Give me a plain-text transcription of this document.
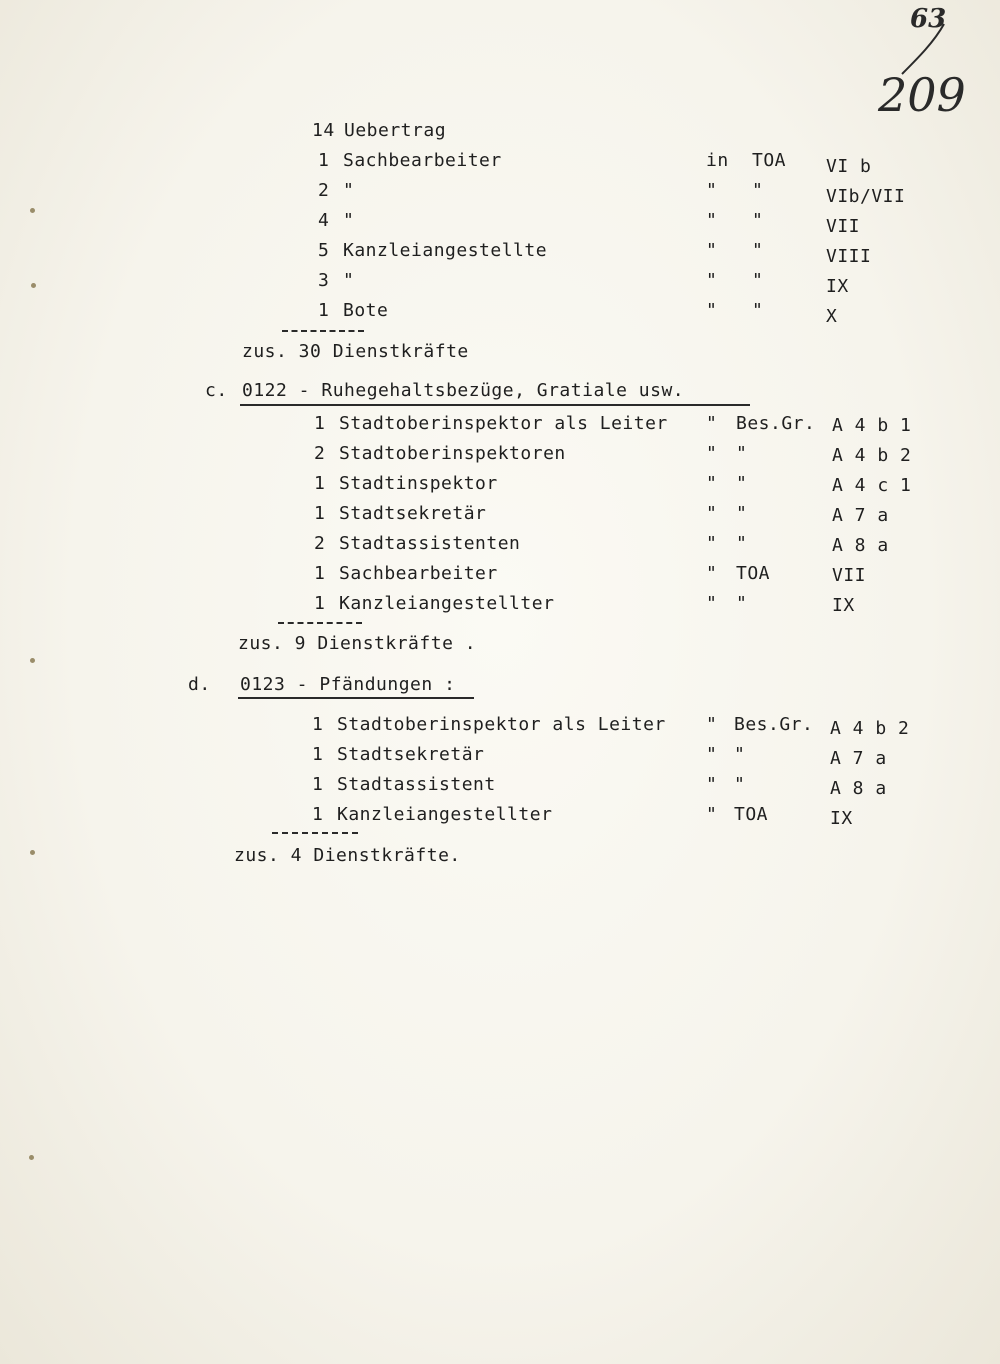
63
209
14 Uebertrag
1 Sachbearbeiter	in TOA VI b
2 "	" "	VIb/VII
4 "	" "	VII
5 Kanzleiangestellte	" "	VIII
3 "	" "	IX
1 Bote	" "	X
zus. 30 Dienstkräfte
c. 0122 - Ruhegehaltsbezüge, Gratiale usw.
1 Stadtoberinspektor als Leiter " Bes.Gr. A 4 b 1
2 Stadtoberinspektoren	" "	A 4 b 2
1 Stadtinspektor	" "	A 4 c 1
1 Stadtsekretär	" "	A 7 a
2 Stadtassistenten	" "	A 8 a
1 Sachbearbeiter	" TOA	VII
1 Kanzleiangestellter	" "	IX
zus. 9 Dienstkräfte .
d. 0123 - Pfändungen :
1 Stadtoberinspektor als Leiter " Bes.Gr. A 4 b 2
1 Stadtsekretär	" "	A 7 a
1 Stadtassistent	" "	A 8 a
1 Kanzleiangestellter	" TOA	IX
zus. 4 Dienstkräfte.
